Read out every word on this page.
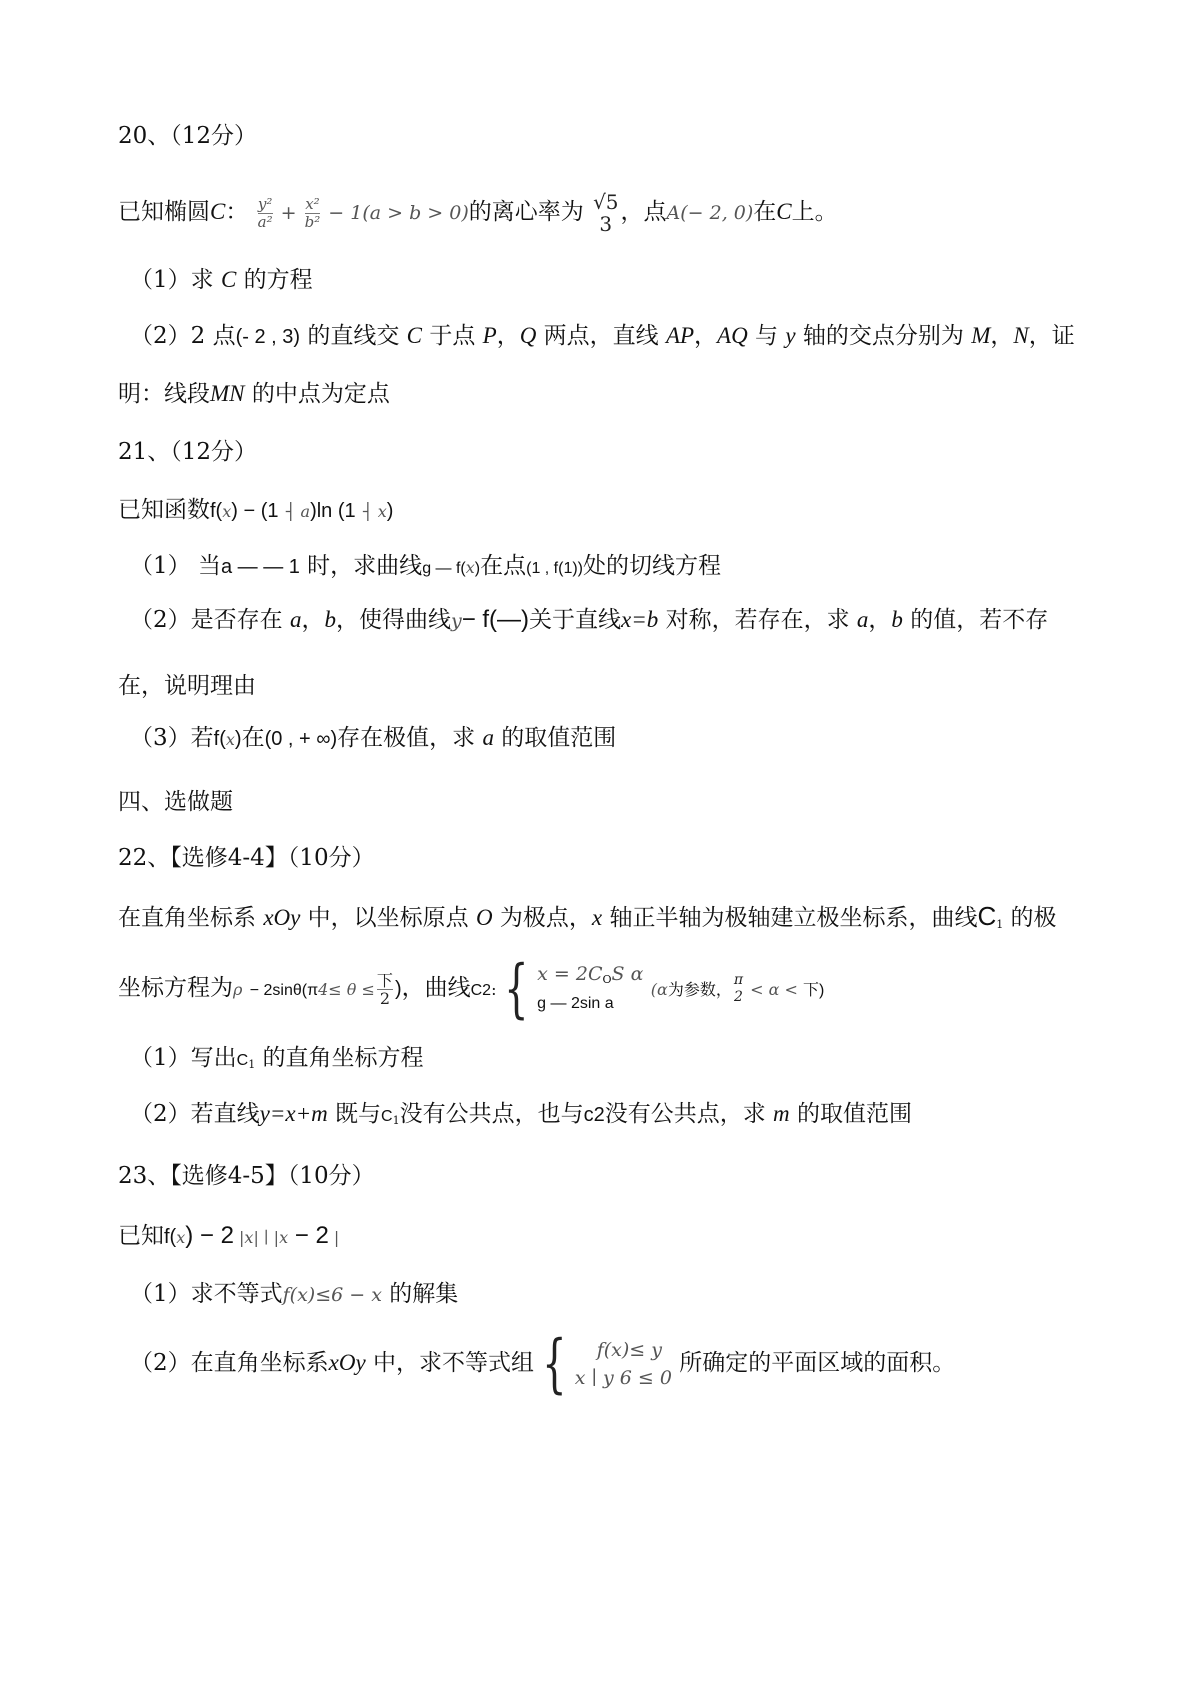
20、（12分）
已知椭圆C： $\frac{\text{y²}}{\text{a²}} + \frac{\text{x²}}{\text{b²}} - 1(a > b > 0)$的离心率为 √5
3 ，点A(− 2, 0)在C上。
（1）求 C 的方程
（2）2 点(- 2 , 3) 的直线交 C 于点 P，Q 两点，直线 AP，AQ 与 y 轴的交点分别为 M，N，证
明：线段MN 的中点为定点
21、（12分）
已知函数f(x) − (1 ┤ a)ln (1 ┤ x)
（1） 当a — — 1 时，求曲线g — f(x)在点(1 , f(1))处的切线方程
（2）是否存在 a，b，使得曲线y− f(—)关于直线x=b 对称，若存在，求 a，b 的值，若不存
在，说明理由
（3）若f(x)在(0 , + ∞)存在极值，求 a 的取值范围
四、选做题
22、【选修4-4】（10分）
在直角坐标系 xOy 中，以坐标原点 O 为极点，x 轴正半轴为极轴建立极坐标系，曲线$C_1$ 的极
坐标方程为$\rho - 2\sin\theta(\pi 4\le \theta \le \frac{\text{下}}{2}$ )，曲线C2: { $x = 2C_OS$ α
g — 2sin a
(α为参数， π
2 < α < 下)
（1）写出$C_1$ 的直角坐标方程
（2）若直线y=x+m 既与$C_1$没有公共点，也与c2没有公共点，求 m 的取值范围
23、【选修4-5】（10分）
已知f(x) − 2 |x| ∣ |x − 2 |
（1）求不等式f(x)≤6 − x 的解集
（2）在直角坐标系xOy 中，求不等式组 {	f(x)≤ y
x ∣ y 6 ≤ 0
所确定的平面区域的面积。
